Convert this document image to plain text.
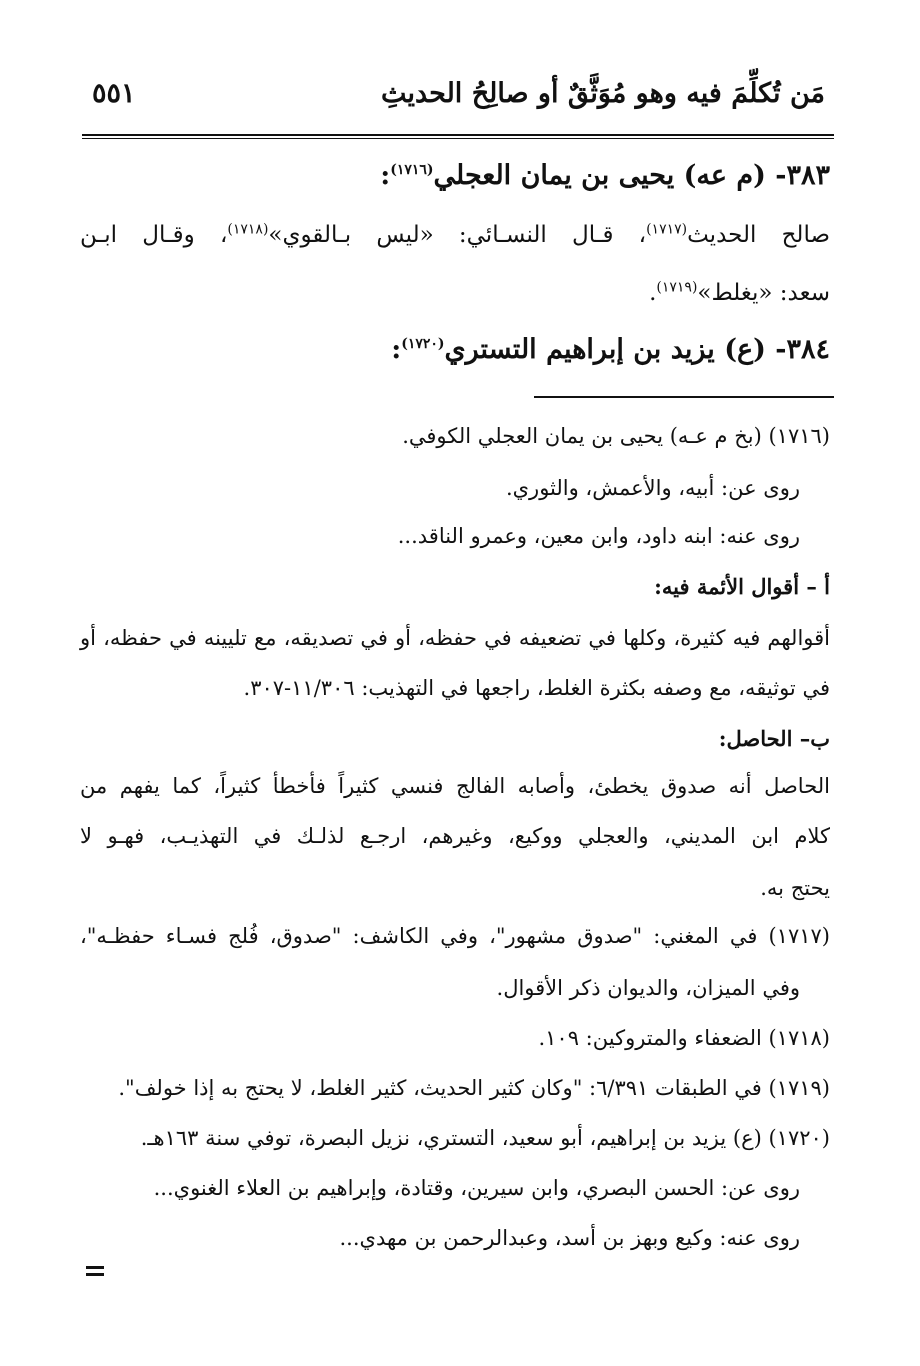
مَن تُكلِّمَ فيه وهو مُوَثَّقٌ أو صالِحُ الحديثِ
٥٥١
٣٨٣- (م عه) يحيى بن يمان العجلي$^{(١٧١٦)}$:
صالح الحديث$^{(١٧١٧)}$، قـال النسـائي: «ليس بـالقوي»$^{(١٧١٨)}$، وقـال ابـن
سعد: «يغلط»$^{(١٧١٩)}$.
٣٨٤- (ع) يزيد بن إبراهيم التستري$^{(١٧٢٠)}$:
(١٧١٦) (بخ م عـه) يحيى بن يمان العجلي الكوفي.
روى عن: أبيه، والأعمش، والثوري.
روى عنه: ابنه داود، وابن معين، وعمرو الناقد...
أ – أقوال الأئمة فيه:
أقوالهم فيه كثيرة، وكلها في تضعيفه في حفظه، أو في تصديقه، مع تليينه في حفظه، أو
في توثيقه، مع وصفه بكثرة الغلط، راجعها في التهذيب: ١١/٣٠٦-٣٠٧.
ب– الحاصل:
الحاصل أنه صدوق يخطئ، وأصابه الفالج فنسي كثيراً فأخطأ كثيراً، كما يفهم من
كلام ابن المديني، والعجلي ووكيع، وغيرهم، ارجـع لذلـك في التهذيـب، فهـو لا
يحتج به.
(١٧١٧) في المغني: "صدوق مشهور"، وفي الكاشف: "صدوق، فُلج فسـاء حفظـه"،
وفي الميزان، والديوان ذكر الأقوال.
(١٧١٨) الضعفاء والمتروكين: ١٠٩.
(١٧١٩) في الطبقات ٦/٣٩١: "وكان كثير الحديث، كثير الغلط، لا يحتج به إذا خولف".
(١٧٢٠) (ع) يزيد بن إبراهيم، أبو سعيد، التستري، نزيل البصرة، توفي سنة ١٦٣هـ.
روى عن: الحسن البصري، وابن سيرين، وقتادة، وإبراهيم بن العلاء الغنوي...
روى عنه: وكيع وبهز بن أسد، وعبدالرحمن بن مهدي...
